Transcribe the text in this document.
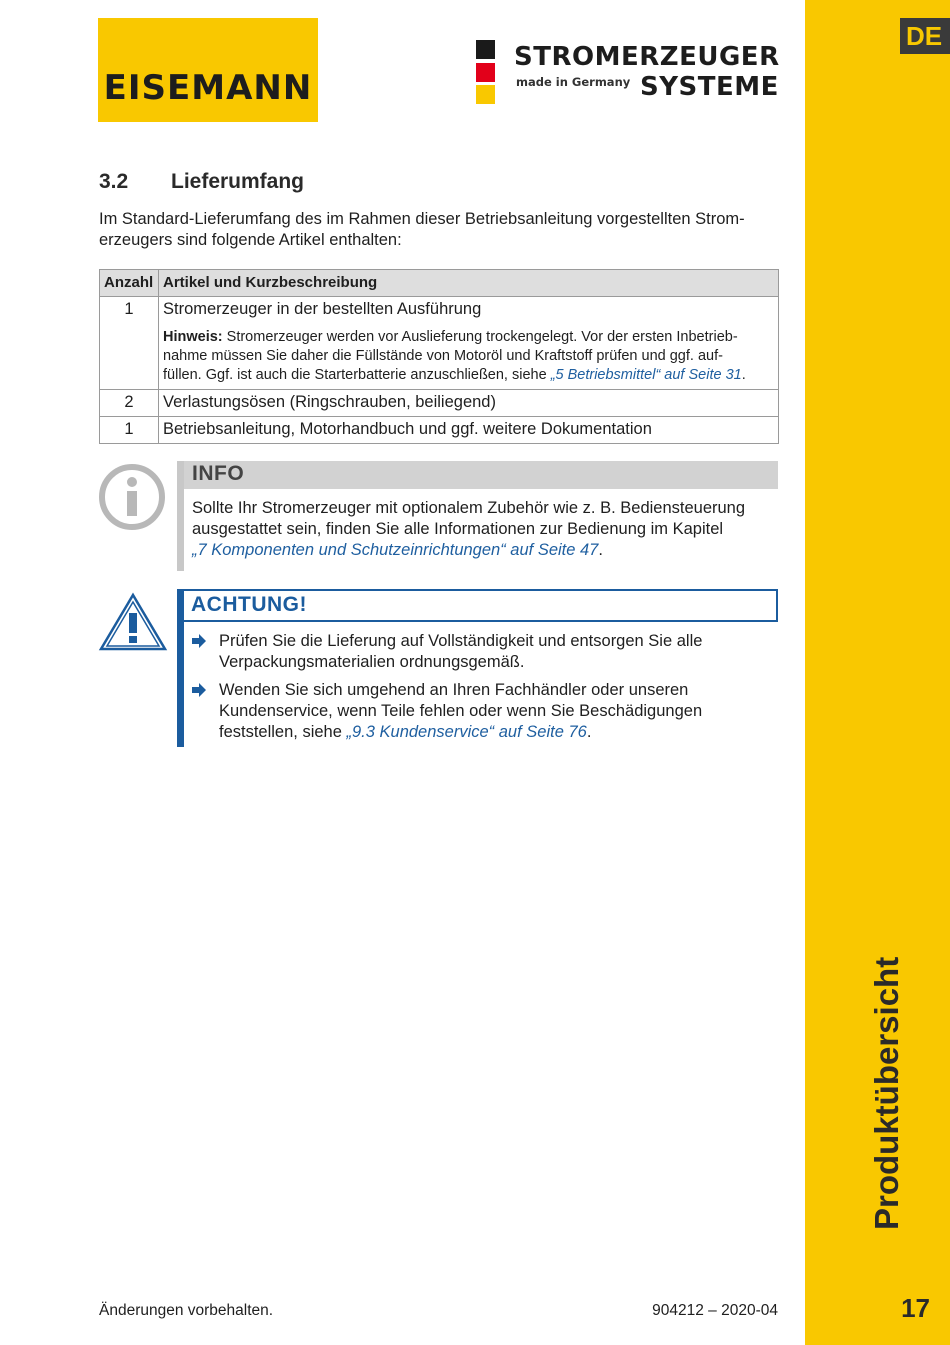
DE
Produktübersicht
17
EISEMANN
STROMERZEUGER
made in Germany SYSTEME
3.2 Lieferumfang
Im Standard-Lieferumfang des im Rahmen dieser Betriebsanleitung vorgestellten Strom-
erzeugers sind folgende Artikel enthalten:
Anzahl	Artikel und Kurzbeschreibung
1	Stromerzeuger in der bestellten Ausführung
Hinweis: Stromerzeuger werden vor Auslieferung trockengelegt. Vor der ersten Inbetrieb-
nahme müssen Sie daher die Füllstände von Motoröl und Kraftstoff prüfen und ggf. auf-
füllen. Ggf. ist auch die Starterbatterie anzuschließen, siehe „5 Betriebsmittel“ auf Seite 31.

2	Verlastungsösen (Ringschrauben, beiliegend)
1	Betriebsanleitung, Motorhandbuch und ggf. weitere Dokumentation
INFO
Sollte Ihr Stromerzeuger mit optionalem Zubehör wie z. B. Bediensteuerung
ausgestattet sein, finden Sie alle Informationen zur Bedienung im Kapitel
„7 Komponenten und Schutzeinrichtungen“ auf Seite 47.
ACHTUNG!
Prüfen Sie die Lieferung auf Vollständigkeit und entsorgen Sie alle
Verpackungsmaterialien ordnungsgemäß.
Wenden Sie sich umgehend an Ihren Fachhändler oder unseren
Kundenservice, wenn Teile fehlen oder wenn Sie Beschädigungen
feststellen, siehe „9.3 Kundenservice“ auf Seite 76.
Änderungen vorbehalten.	904212 – 2020-04
